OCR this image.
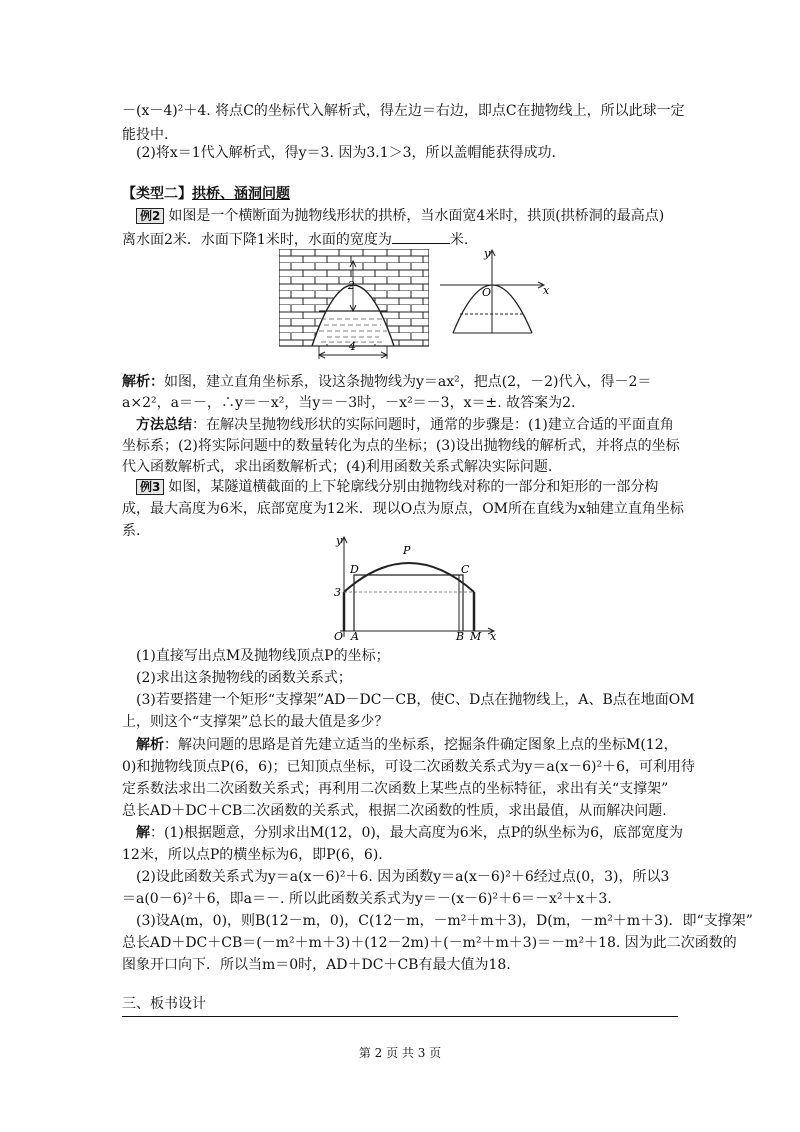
－(x－4)²＋4. 将点C的坐标代入解析式，得左边＝右边，即点C在抛物线上，所以此球一定
能投中.
(2)将x＝1代入解析式，得y＝3. 因为3.1＞3，所以盖帽能获得成功.
【类型二】拱桥、涵洞问题
例2 如图是一个横断面为抛物线形状的拱桥，当水面宽4米时，拱顶(拱桥洞的最高点)
离水面2米．水面下降1米时，水面的宽度为	米.
2
4
y
x
O
解析：如图，建立直角坐标系，设这条抛物线为y＝ax²，把点(2，－2)代入，得－2＝
a×2²，a＝－，∴y＝－x²，当y＝－3时，－x²＝－3，x＝±. 故答案为2.
方法总结：在解决呈抛物线形状的实际问题时，通常的步骤是：(1)建立合适的平面直角
坐标系；(2)将实际问题中的数量转化为点的坐标；(3)设出抛物线的解析式，并将点的坐标
代入函数解析式，求出函数解析式；(4)利用函数关系式解决实际问题.
例3 如图，某隧道横截面的上下轮廓线分别由抛物线对称的一部分和矩形的一部分构
成，最大高度为6米，底部宽度为12米．现以O点为原点，OM所在直线为x轴建立直角坐标
系.
y
x
O
P
D	C
3
A	B M
(1)直接写出点M及抛物线顶点P的坐标；
(2)求出这条抛物线的函数关系式；
(3)若要搭建一个矩形“支撑架”AD－DC－CB，使C、D点在抛物线上，A、B点在地面OM
上，则这个“支撑架”总长的最大值是多少？
解析：解决问题的思路是首先建立适当的坐标系，挖掘条件确定图象上点的坐标M(12，
0)和抛物线顶点P(6，6)；已知顶点坐标，可设二次函数关系式为y＝a(x－6)²＋6，可利用待
定系数法求出二次函数关系式；再利用二次函数上某些点的坐标特征，求出有关“支撑架”
总长AD＋DC＋CB二次函数的关系式，根据二次函数的性质，求出最值，从而解决问题.
解：(1)根据题意，分别求出M(12，0)，最大高度为6米，点P的纵坐标为6，底部宽度为
12米，所以点P的横坐标为6，即P(6，6).
(2)设此函数关系式为y＝a(x－6)²＋6. 因为函数y＝a(x－6)²＋6经过点(0，3)，所以3
＝a(0－6)²＋6，即a＝－. 所以此函数关系式为y＝－(x－6)²＋6＝－x²＋x＋3.
(3)设A(m，0)，则B(12－m，0)，C(12－m，－m²＋m＋3)，D(m，－m²＋m＋3)．即“支撑架”
总长AD＋DC＋CB＝(－m²＋m＋3)＋(12－2m)＋(－m²＋m＋3)＝－m²＋18. 因为此二次函数的
图象开口向下．所以当m＝0时，AD＋DC＋CB有最大值为18.
三、板书设计
第 2 页 共 3 页
